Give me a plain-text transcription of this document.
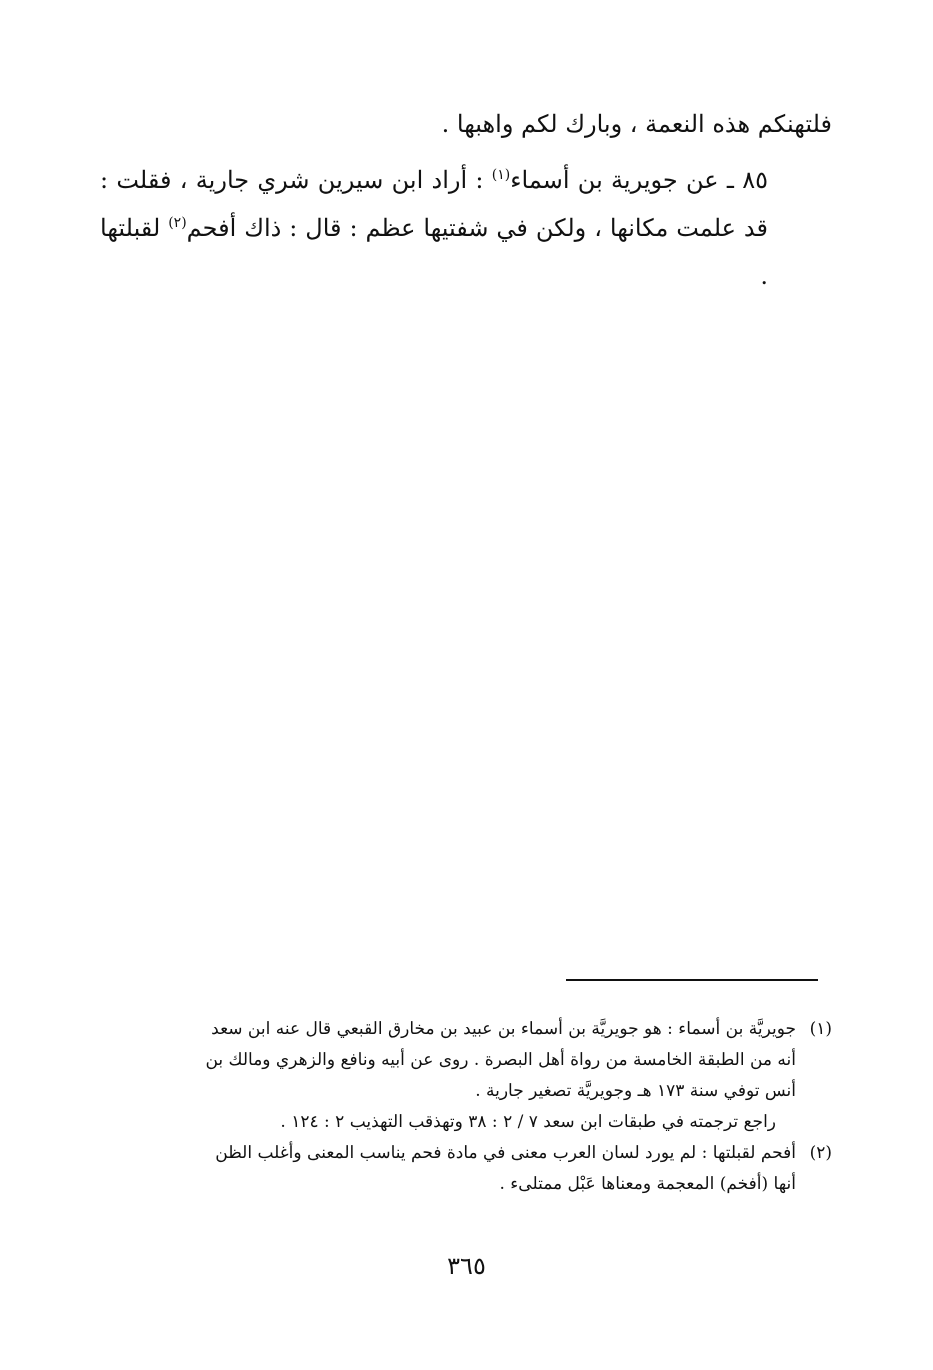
فلتهنكم هذه النعمة ، وبارك لكم واهبها .

٨٥ ـ عن جويرية بن أسماء$^{(١)}$ : أراد ابن سيرين شري جارية ، فقلت : قد علمت مكانها ، ولكن في شفتيها عظم : قال : ذاك أفحم$^{(٢)}$ لقبلتها .

(١)
جويريَّة بن أسماء : هو جويريَّة بن أسماء بن عبيد بن مخارق القبعي قال عنه ابن سعد
أنه من الطبقة الخامسة من رواة أهل البصرة . روى عن أبيه ونافع والزهري ومالك بن
أنس توفي سنة ١٧٣ هـ وجويريَّة تصغير جارية .
راجع ترجمته في طبقات ابن سعد ٧ / ٢ : ٣٨ وتهذقب التهذيب ٢ : ١٢٤ .
(٢)
أفحم لقبلتها : لم يورد لسان العرب معنى في مادة فحم يناسب المعنى وأغلب الظن
أنها (أفخم) المعجمة ومعناها عَبْل ممتلىء .
٣٦٥
